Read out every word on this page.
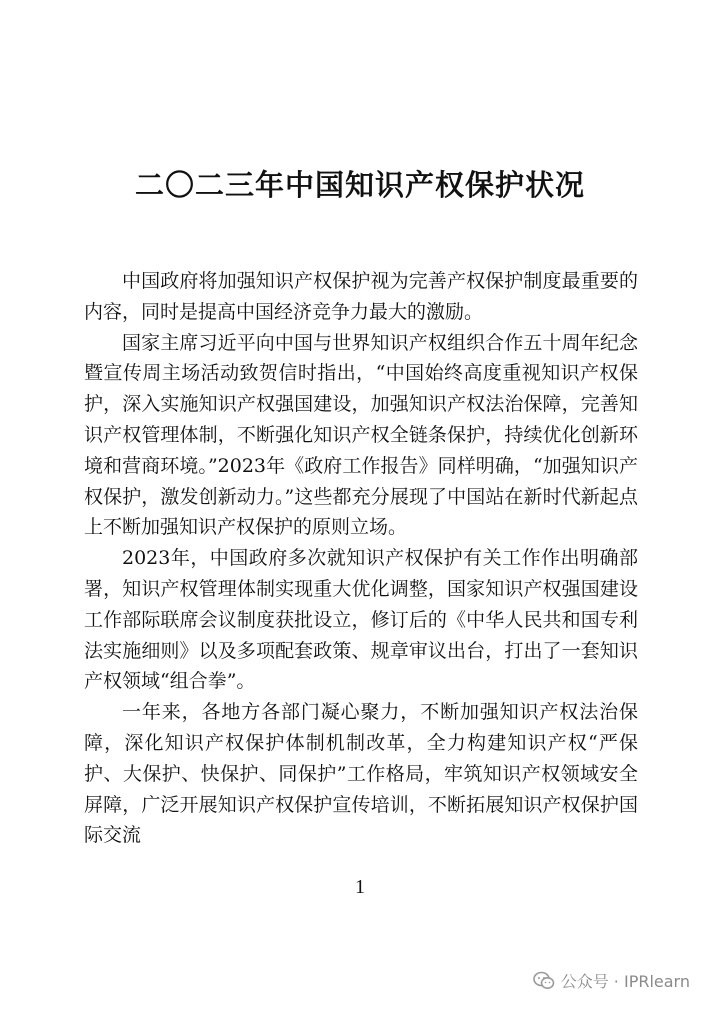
二〇二三年中国知识产权保护状况

中国政府将加强知识产权保护视为完善产权保护制度最重要的内容，同时是提高中国经济竞争力最大的激励。

国家主席习近平向中国与世界知识产权组织合作五十周年纪念暨宣传周主场活动致贺信时指出，“中国始终高度重视知识产权保护，深入实施知识产权强国建设，加强知识产权法治保障，完善知识产权管理体制，不断强化知识产权全链条保护，持续优化创新环境和营商环境。”2023年《政府工作报告》同样明确，“加强知识产权保护，激发创新动力。”这些都充分展现了中国站在新时代新起点上不断加强知识产权保护的原则立场。

2023年，中国政府多次就知识产权保护有关工作作出明确部署，知识产权管理体制实现重大优化调整，国家知识产权强国建设工作部际联席会议制度获批设立，修订后的《中华人民共和国专利法实施细则》以及多项配套政策、规章审议出台，打出了一套知识产权领域“组合拳”。

一年来，各地方各部门凝心聚力，不断加强知识产权法治保障，深化知识产权保护体制机制改革，全力构建知识产权“严保护、大保护、快保护、同保护”工作格局，牢筑知识产权领域安全屏障，广泛开展知识产权保护宣传培训，不断拓展知识产权保护国际交流

1
公众号 · IPRlearn
